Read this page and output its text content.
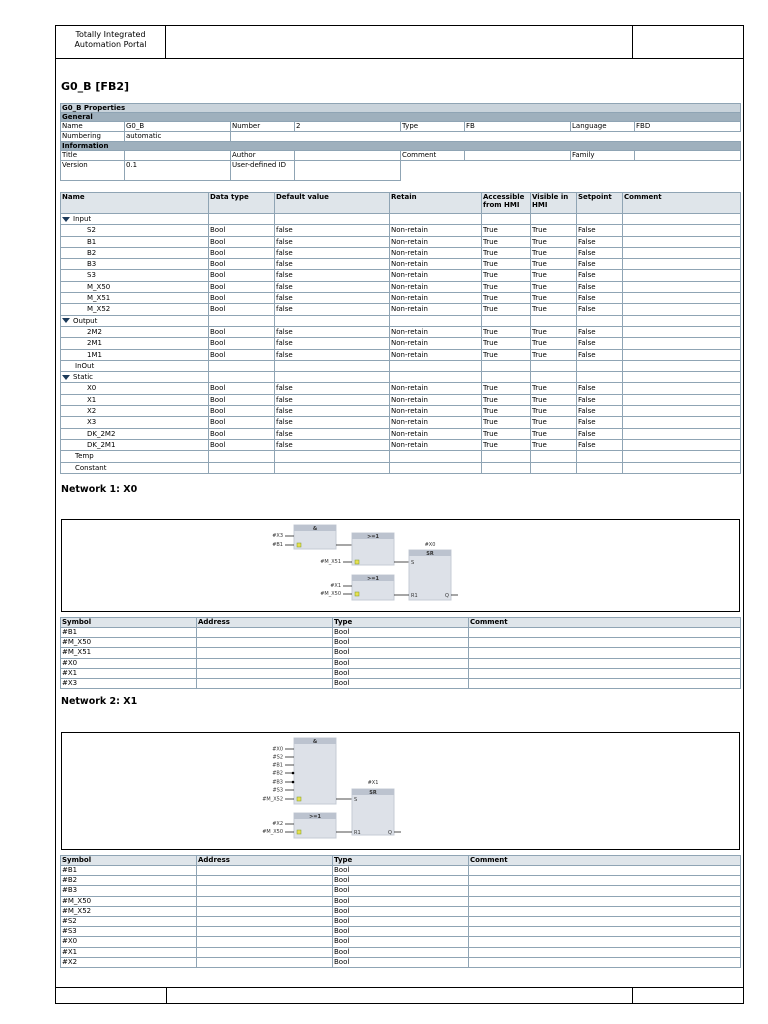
Totally Integrated Automation Portal
G0_B [FB2]
G0_B Properties							
General							
Name	G0_B	Number	2	Type	FB	Language	FBD
Numbering	automatic						
Information							
Title		Author		Comment		Family	
Version	0.1	User-defined ID					
Name	Data type	Default value	Retain	Accessible from HMI	Visible in HMI	Setpoint	Comment
Input							
S2	Bool	false	Non-retain	True	True	False	
B1	Bool	false	Non-retain	True	True	False	
B2	Bool	false	Non-retain	True	True	False	
B3	Bool	false	Non-retain	True	True	False	
S3	Bool	false	Non-retain	True	True	False	
M_X50	Bool	false	Non-retain	True	True	False	
M_X51	Bool	false	Non-retain	True	True	False	
M_X52	Bool	false	Non-retain	True	True	False	
Output							
2M2	Bool	false	Non-retain	True	True	False	
2M1	Bool	false	Non-retain	True	True	False	
1M1	Bool	false	Non-retain	True	True	False	
InOut							
Static							
X0	Bool	false	Non-retain	True	True	False	
X1	Bool	false	Non-retain	True	True	False	
X2	Bool	false	Non-retain	True	True	False	
X3	Bool	false	Non-retain	True	True	False	
DK_2M2	Bool	false	Non-retain	True	True	False	
DK_2M1	Bool	false	Non-retain	True	True	False	
Temp							
Constant							
Network 1: X0
&
#X3
#B1
>=1
#M_X51
#X0
SR
S
R1	Q
>=1
#X1
#M_X50
Symbol	Address	Type	Comment
#B1		Bool	
#M_X50		Bool	
#M_X51		Bool	
#X0		Bool	
#X1		Bool	
#X3		Bool	
Network 2: X1
&
#X0
#S2
#B1
#B2
#B3
#S3
#M_X52
#X1
SR
S
R1	Q
>=1
#X2
#M_X50
Symbol	Address	Type	Comment
#B1		Bool	
#B2		Bool	
#B3		Bool	
#M_X50		Bool	
#M_X52		Bool	
#S2		Bool	
#S3		Bool	
#X0		Bool	
#X1		Bool	
#X2		Bool	
